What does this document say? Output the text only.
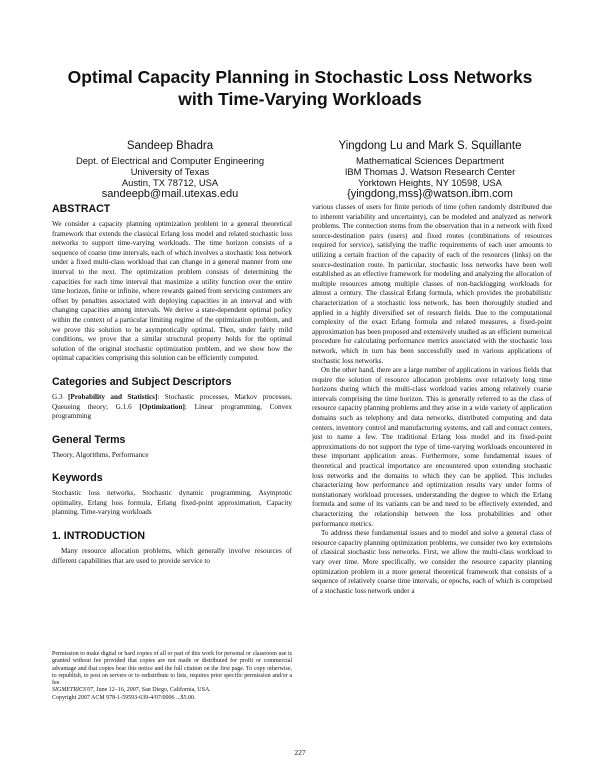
Optimal Capacity Planning in Stochastic Loss Networks
with Time-Varying Workloads

Sandeep Bhadra

Dept. of Electrical and Computer Engineering

University of Texas

Austin, TX 78712, USA

sandeepb@mail.utexas.edu

Yingdong Lu and Mark S. Squillante

Mathematical Sciences Department

IBM Thomas J. Watson Research Center

Yorktown Heights, NY 10598, USA

{yingdong,mss}@watson.ibm.com

ABSTRACT

We consider a capacity planning optimization problem in a general theoretical framework that extends the classical Erlang loss model and related stochastic loss networks to support time-varying workloads. The time horizon consists of a sequence of coarse time intervals, each of which involves a stochastic loss network under a fixed multi-class workload that can change in a general manner from one interval to the next. The optimization problem consists of determining the capacities for each time interval that maximize a utility function over the entire time horizon, finite or infinite, where rewards gained from servicing customers are offset by penalties associated with deploying capacities in an interval and with changing capacities among intervals. We derive a state-dependent optimal policy within the context of a particular limiting regime of the optimization problem, and we prove this solution to be asymptotically optimal. Then, under fairly mild conditions, we prove that a similar structural property holds for the optimal solution of the original stochastic optimization problem, and we show how the optimal capacities comprising this solution can be efficiently computed.

Categories and Subject Descriptors

G.3 [Probability and Statistics]: Stochastic processes, Markov processes, Queueing theory; G.1.6 [Optimization]: Linear programming, Convex programming

General Terms

Theory, Algorithms, Performance

Keywords

Stochastic loss networks, Stochastic dynamic programming, Asymptotic optimality, Erlang loss formula, Erlang fixed-point approximation, Capacity planning, Time-varying workloads

1. INTRODUCTION

Many resource allocation problems, which generally involve resources of different capabilities that are used to provide service to

Permission to make digital or hard copies of all or part of this work for personal or classroom use is granted without fee provided that copies are not made or distributed for profit or commercial advantage and that copies bear this notice and the full citation on the first page. To copy otherwise, to republish, to post on servers or to redistribute to lists, requires prior specific permission and/or a fee.

SIGMETRICS'07, June 12–16, 2007, San Diego, California, USA.

Copyright 2007 ACM 978-1-59593-639-4/07/0006 ...$5.00.

various classes of users for finite periods of time (often randomly distributed due to inherent variability and uncertainty), can be modeled and analyzed as network problems. The connection stems from the observation that in a network with fixed source-destination pairs (users) and fixed routes (combinations of resources required for service), satisfying the traffic requirements of each user amounts to utilizing a certain fraction of the capacity of each of the resources (links) on the source-destination route. In particular, stochastic loss networks have been well established as an effective framework for modeling and analyzing the allocation of multiple resources among multiple classes of non-backlogging workloads for almost a century. The classical Erlang formula, which provides the probabilistic characterization of a stochastic loss network, has been thoroughly studied and applied in a highly diversified set of research fields. Due to the computational complexity of the exact Erlang formula and related measures, a fixed-point approximation has been proposed and extensively studied as an efficient numerical procedure for calculating performance metrics associated with the stochastic loss network, which in turn has been successfully used in various applications of stochastic loss networks.

On the other hand, there are a large number of applications in various fields that require the solution of resource allocation problems over relatively long time horizons during which the multi-class workload varies among relatively coarse intervals comprising the time horizon. This is generally referred to as the class of resource capacity planning problems and they arise in a wide variety of application domains such as telephony and data networks, distributed computing and data centers, inventory control and manufacturing systems, and call and contact centers, just to name a few. The traditional Erlang loss model and its fixed-point approximations do not support the type of time-varying workloads encountered in these important application areas. Furthermore, some fundamental issues of theoretical and practical importance are encountered upon extending stochastic loss networks and the domains to which they can be applied. This includes characterizing how performance and optimization results vary under forms of nonstationary workload processes, understanding the degree to which the Erlang formula and some of its variants can be and need to be effectively extended, and characterizing the relationship between the loss probabilities and other performance metrics.

To address these fundamental issues and to model and solve a general class of resource capacity planning optimization problems, we consider two key extensions of classical stochastic loss networks. First, we allow the multi-class workload to vary over time. More specifically, we consider the resource capacity planning optimization problem in a more general theoretical framework that consists of a sequence of relatively coarse time intervals, or epochs, each of which is comprised of a stochastic loss network under a

227
